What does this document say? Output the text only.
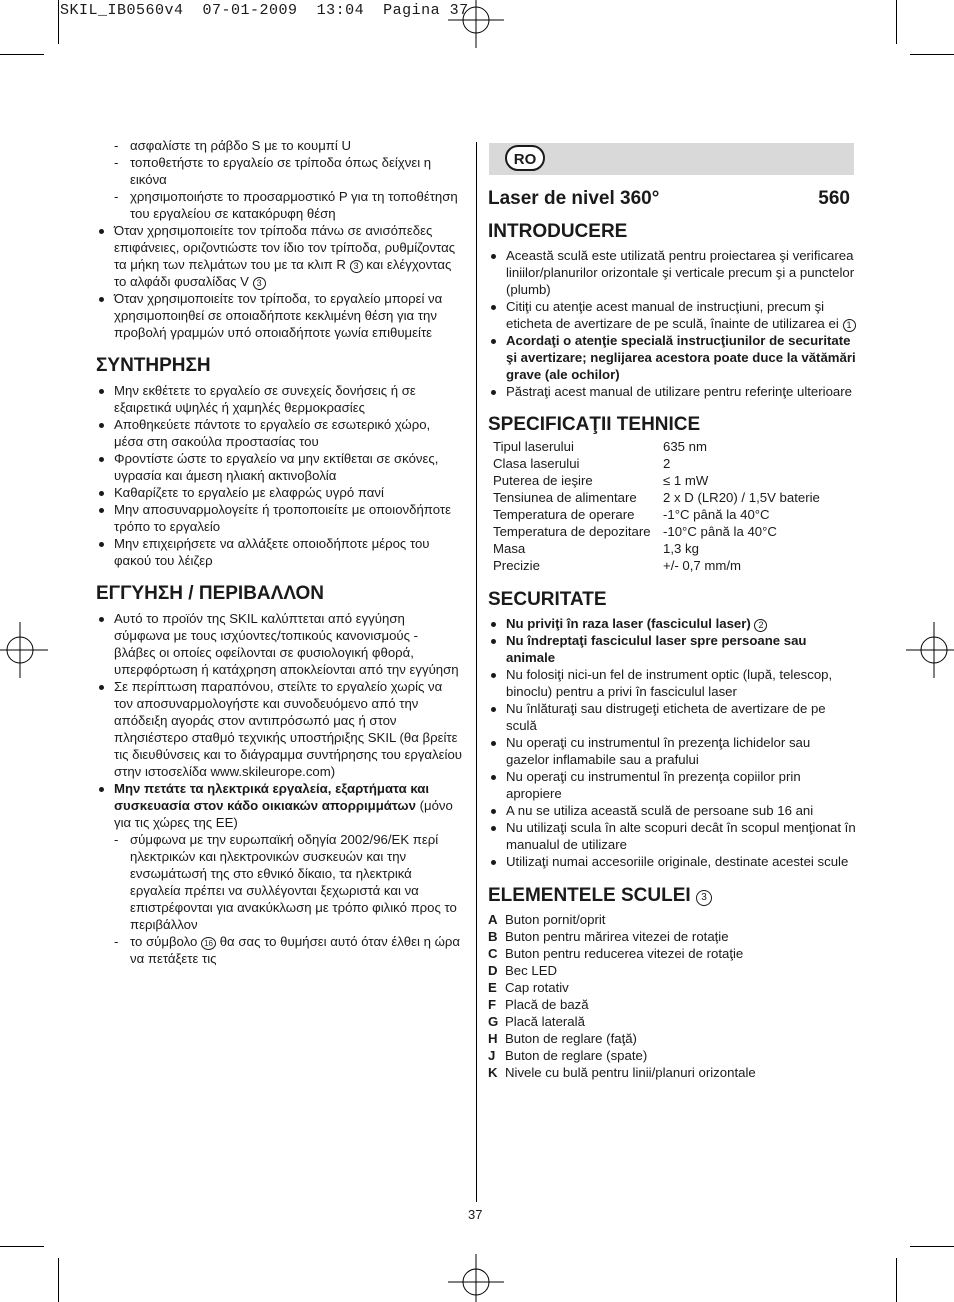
SKIL_IB0560v4 07-01-2009 13:04 Pagina 37
- ασφαλίστε τη ράβδο S με το κουμπί U
- τοποθετήστε το εργαλείο σε τρίποδα όπως δείχνει η εικόνα
- χρησιμοποιήστε το προσαρμοστικό P για τη τοποθέτηση του εργαλείου σε κατακόρυφη θέση
Όταν χρησιμοποιείτε τον τρίποδα πάνω σε ανισόπεδες επιφάνειες, οριζοντιώστε τον ίδιο τον τρίποδα, ρυθμίζοντας τα μήκη των πελμάτων του με τα κλιπ R 3 και ελέγχοντας το αλφάδι φυσαλίδας V 3
Όταν χρησιμοποιείτε τον τρίποδα, το εργαλείο μπορεί να χρησιμοποιηθεί σε οποιαδήποτε κεκλιμένη θέση για την προβολή γραμμών υπό οποιαδήποτε γωνία επιθυμείτε
ΣΥΝΤΗΡΗΣΗ
Μην εκθέτετε το εργαλείο σε συνεχείς δονήσεις ή σε εξαιρετικά υψηλές ή χαμηλές θερμοκρασίες
Αποθηκεύετε πάντοτε το εργαλείο σε εσωτερικό χώρο, μέσα στη σακούλα προστασίας του
Φροντίστε ώστε το εργαλείο να μην εκτίθεται σε σκόνες, υγρασία και άμεση ηλιακή ακτινοβολία
Καθαρίζετε το εργαλείο με ελαφρώς υγρό πανί
Μην αποσυναρμολογείτε ή τροποποιείτε με οποιονδήποτε τρόπο το εργαλείο
Μην επιχειρήσετε να αλλάξετε οποιοδήποτε μέρος του φακού του λέιζερ
ΕΓΓΥΗΣΗ / ΠΕΡΙΒΑΛΛΟΝ
Αυτό το προϊόν της SKIL καλύπτεται από εγγύηση σύμφωνα με τους ισχύοντες/τοπικούς κανονισμούς - βλάβες οι οποίες οφείλονται σε φυσιολογική φθορά, υπερφόρτωση ή κατάχρηση αποκλείονται από την εγγύηση
Σε περίπτωση παραπόνου, στείλτε το εργαλείο χωρίς να τον αποσυναρμολογήστε και συνοδευόμενο από την απόδειξη αγοράς στον αντιπρόσωπό μας ή στον πλησιέστερο σταθμό τεχνικής υποστήριξης SKIL (θα βρείτε τις διευθύνσεις και το διάγραμμα συντήρησης του εργαλείου στην ιστοσελίδα www.skileurope.com)
Μην πετάτε τα ηλεκτρικά εργαλεία, εξαρτήματα και συσκευασία στον κάδο οικιακών απορριμμάτων (μόνο για τις χώρες της ΕΕ)
- σύμφωνα με την ευρωπαϊκή οδηγία 2002/96/EK περί ηλεκτρικών και ηλεκτρονικών συσκευών και την ενσωμάτωσή της στο εθνικό δίκαιο, τα ηλεκτρικά εργαλεία πρέπει να συλλέγονται ξεχωριστά και να επιστρέφονται για ανακύκλωση με τρόπο φιλικό προς το περιβάλλον
- το σύμβολο 16 θα σας το θυμήσει αυτό όταν έλθει η ώρα να πετάξετε τις
RO
Laser de nivel 360°	560
INTRODUCERE
Această sculă este utilizată pentru proiectarea şi verificarea liniilor/planurilor orizontale şi verticale precum şi a punctelor (plumb)
Citiţi cu atenţie acest manual de instrucţiuni, precum şi eticheta de avertizare de pe sculă, înainte de utilizarea ei 1
Acordaţi o atenţie specială instrucţiunilor de securitate şi avertizare; neglijarea acestora poate duce la vătămări grave (ale ochilor)
Păstraţi acest manual de utilizare pentru referinţe ulterioare
SPECIFICAŢII TEHNICE
Tipul laserului	635 nm
Clasa laserului	2
Puterea de ieşire	≤ 1 mW
Tensiunea de alimentare	2 x D (LR20) / 1,5V baterie
Temperatura de operare	-1°C până la 40°C
Temperatura de depozitare	-10°C până la 40°C
Masa	1,3 kg
Precizie	+/- 0,7 mm/m
SECURITATE
Nu priviţi în raza laser (fasciculul laser) 2
Nu îndreptaţi fasciculul laser spre persoane sau animale
Nu folosiţi nici-un fel de instrument optic (lupă, telescop, binoclu) pentru a privi în fasciculul laser
Nu înlăturaţi sau distrugeţi eticheta de avertizare de pe sculă
Nu operaţi cu instrumentul în prezenţa lichidelor sau gazelor inflamabile sau a prafului
Nu operaţi cu instrumentul în prezenţa copiilor prin apropiere
A nu se utiliza această sculă de persoane sub 16 ani
Nu utilizaţi scula în alte scopuri decât în scopul menţionat în manualul de utilizare
Utilizaţi numai accesoriile originale, destinate acestei scule
ELEMENTELE SCULEI 3
A Buton pornit/oprit
B Buton pentru mărirea vitezei de rotaţie
C Buton pentru reducerea vitezei de rotaţie
D Bec LED
E Cap rotativ
F Placă de bază
G Placă laterală
H Buton de reglare (faţă)
J Buton de reglare (spate)
K Nivele cu bulă pentru linii/planuri orizontale
37
